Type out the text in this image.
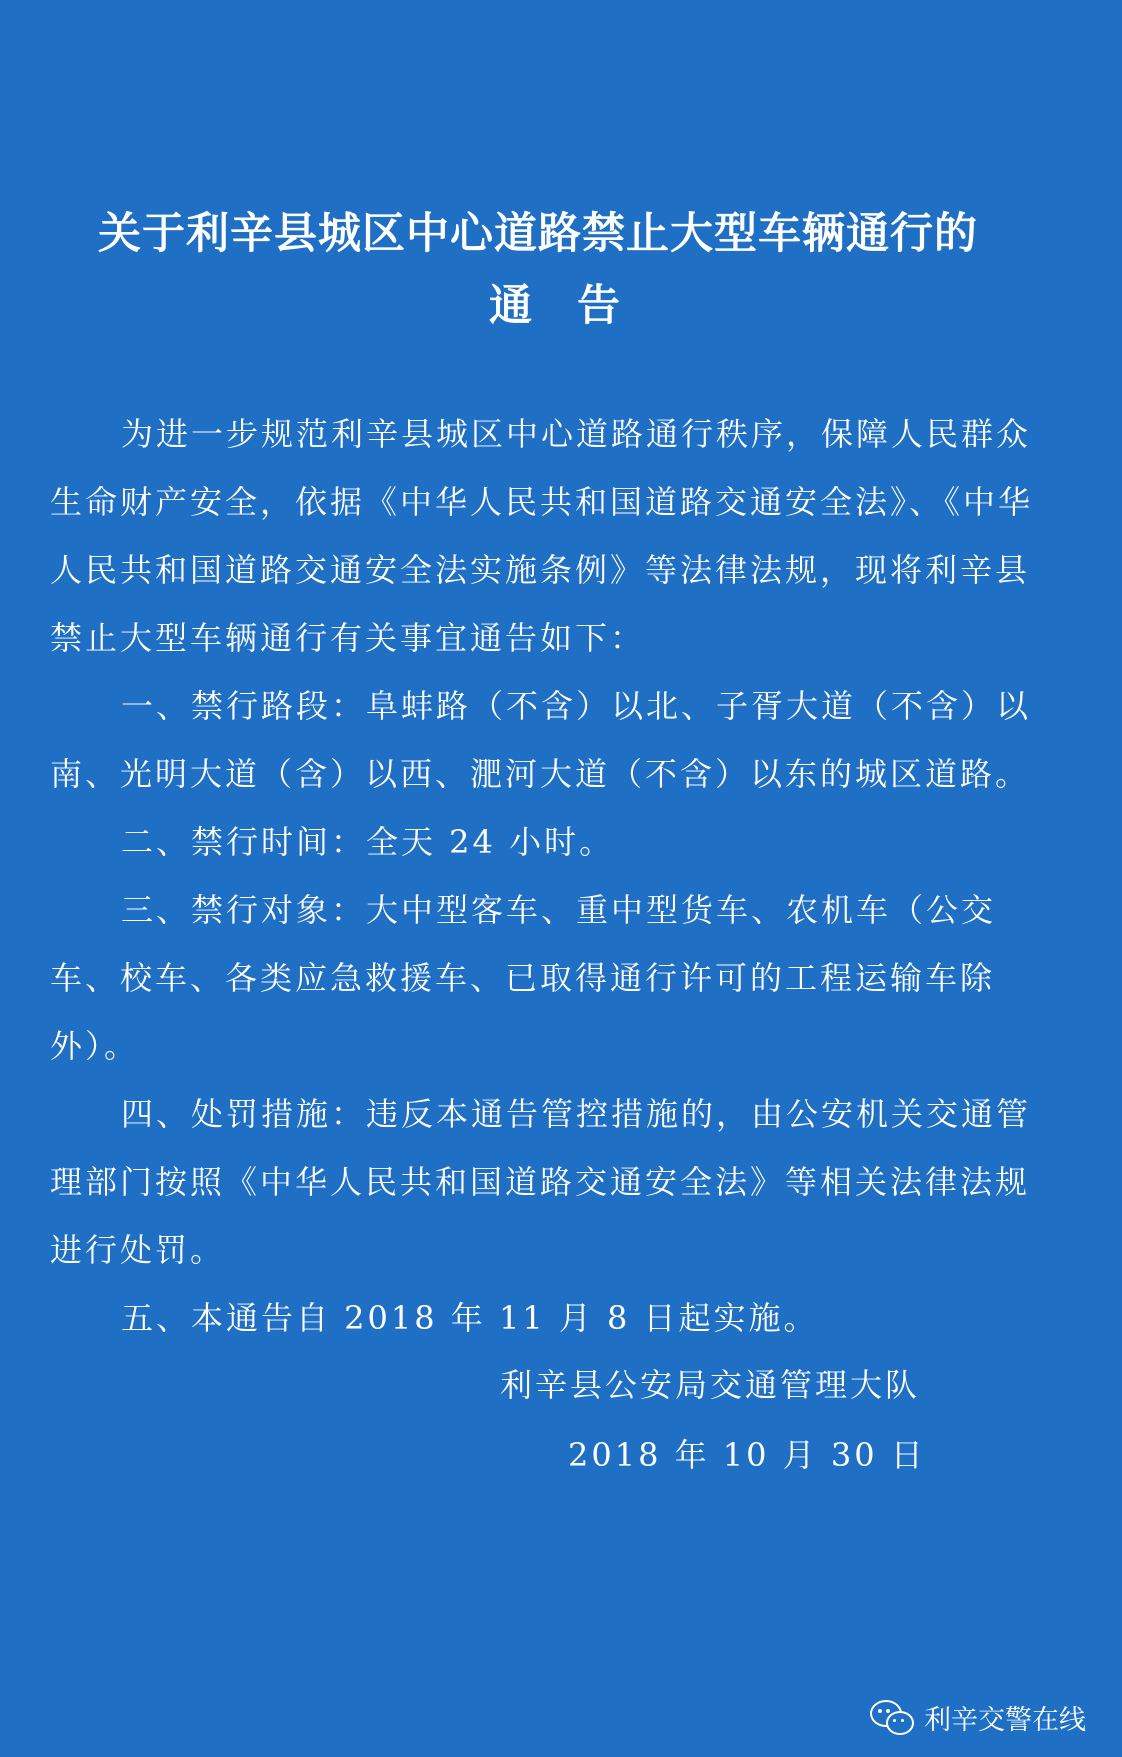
关于利辛县城区中心道路禁止大型车辆通行的
通　告

为进一步规范利辛县城区中心道路通行秩序，保障人民群众生命财产安全，依据《中华人民共和国道路交通安全法》、《中华人民共和国道路交通安全法实施条例》等法律法规，现将利辛县禁止大型车辆通行有关事宜通告如下：

一、禁行路段：阜蚌路（不含）以北、子胥大道（不含）以南、光明大道（含）以西、淝河大道（不含）以东的城区道路。

二、禁行时间：全天 24 小时。

三、禁行对象：大中型客车、重中型货车、农机车（公交车、校车、各类应急救援车、已取得通行许可的工程运输车除外）。

四、处罚措施：违反本通告管控措施的，由公安机关交通管理部门按照《中华人民共和国道路交通安全法》等相关法律法规进行处罚。

五、本通告自 2018 年 11 月 8 日起实施。

利辛县公安局交通管理大队
2018 年 10 月 30 日
利辛交警在线
